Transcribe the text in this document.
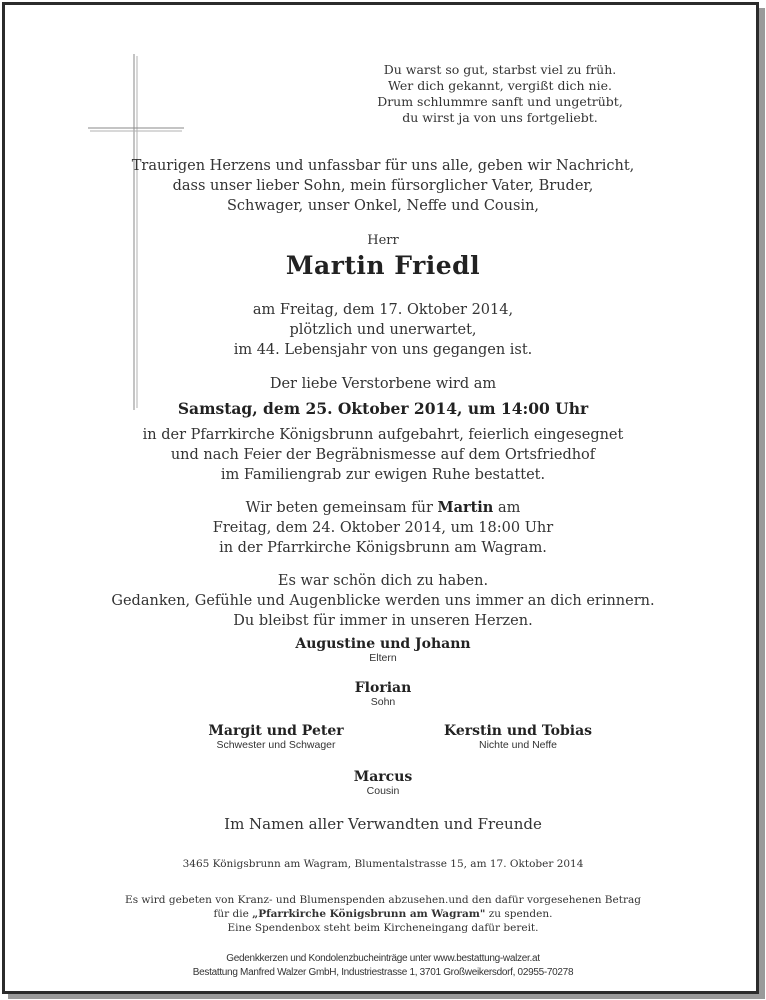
Du warst so gut, starbst viel zu früh.
Wer dich gekannt, vergißt dich nie.
Drum schlummre sanft und ungetrübt,
du wirst ja von uns fortgeliebt.
Traurigen Herzens und unfassbar für uns alle, geben wir Nachricht,
dass unser lieber Sohn, mein fürsorglicher Vater, Bruder,
Schwager, unser Onkel, Neffe und Cousin,
Herr
Martin Friedl
am Freitag, dem 17. Oktober 2014,
plötzlich und unerwartet,
im 44. Lebensjahr von uns gegangen ist.
Der liebe Verstorbene wird am
Samstag, dem 25. Oktober 2014, um 14:00 Uhr
in der Pfarrkirche Königsbrunn aufgebahrt, feierlich eingesegnet
und nach Feier der Begräbnismesse auf dem Ortsfriedhof
im Familiengrab zur ewigen Ruhe bestattet.
Wir beten gemeinsam für Martin am
Freitag, dem 24. Oktober 2014, um 18:00 Uhr
in der Pfarrkirche Königsbrunn am Wagram.
Es war schön dich zu haben.
Gedanken, Gefühle und Augenblicke werden uns immer an dich erinnern.
Du bleibst für immer in unseren Herzen.
Augustine und Johann
Eltern
Florian
Sohn
Margit und Peter
Schwester und Schwager
Kerstin und Tobias
Nichte und Neffe
Marcus
Cousin
Im Namen aller Verwandten und Freunde
3465 Königsbrunn am Wagram, Blumentalstrasse 15, am 17. Oktober 2014
Es wird gebeten von Kranz- und Blumenspenden abzusehen.und den dafür vorgesehenen Betrag
für die „Pfarrkirche Königsbrunn am Wagram" zu spenden.
Eine Spendenbox steht beim Kircheneingang dafür bereit.
Gedenkkerzen und Kondolenzbucheinträge unter www.bestattung-walzer.at
Bestattung Manfred Walzer GmbH, Industriestrasse 1, 3701 Großweikersdorf, 02955-70278
